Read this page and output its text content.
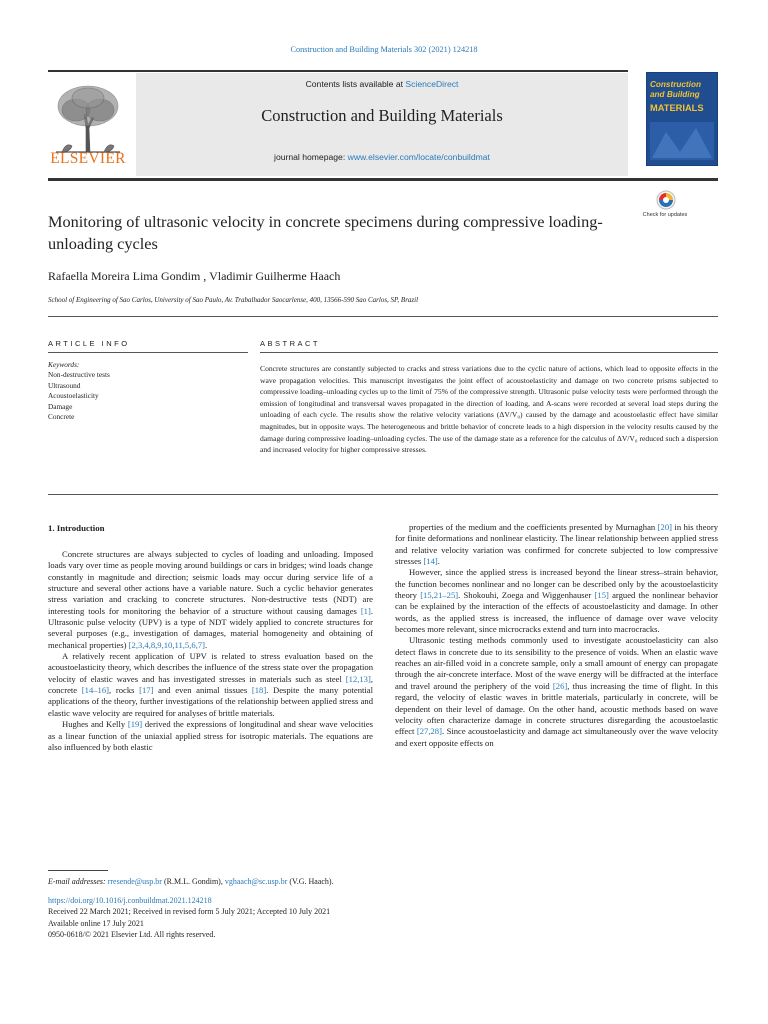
Construction and Building Materials 302 (2021) 124218
ELSEVIER
Contents lists available at ScienceDirect
Construction and Building Materials
journal homepage: www.elsevier.com/locate/conbuildmat
Construction and Building
MATERIALS
Monitoring of ultrasonic velocity in concrete specimens during compressive loading-unloading cycles
Check for updates
Rafaella Moreira Lima Gondim , Vladimir Guilherme Haach
School of Engineering of Sao Carlos, University of Sao Paulo, Av. Trabalhador Saocarlense, 400, 13566-590 Sao Carlos, SP, Brazil
ARTICLE INFO	ABSTRACT
Keywords:
Non-destructive tests
Ultrasound
Acoustoelasticity
Damage
Concrete
Concrete structures are constantly subjected to cracks and stress variations due to the cyclic nature of actions, which lead to opposite effects in the wave propagation velocities. This manuscript investigates the joint effect of acoustoelasticity and damage on two concrete prisms subjected to compressive loading–unloading cycles up to the limit of 75% of the compressive strength. Ultrasonic pulse velocity tests were performed through the emission of longitudinal and transversal waves propagated in the direction of loading, and A-scans were recorded at several load steps during the unloading of each cycle. The results show the relative velocity variations (ΔV/V₀) caused by the damage and acoustoelastic effect have similar magnitudes, but in opposite ways. The heterogeneous and brittle behavior of concrete leads to a high dispersion in the velocity results caused by the damage during compressive loading–unloading cycles. The use of the damage state as a reference for the calculus of ΔV/V₀ reduced such a dispersion and increased velocity for higher compressive stresses.
1. Introduction

Concrete structures are always subjected to cycles of loading and unloading. Imposed loads vary over time as people moving around buildings or cars in bridges; wind loads change constantly in magnitude and direction; seismic loads may occur during service life of a structure and several other actions have a variable nature. Such a cyclic behavior generates stress variation and cracking to concrete structures. Non-destructive tests (NDT) are interesting tools for monitoring the behavior of a structure without causing damages [1]. Ultrasonic pulse velocity (UPV) is a type of NDT widely applied to concrete structures for several purposes (e.g., investigation of damages, material homogeneity and obtaining of mechanical properties) [2,3,4,8,9,10,11,5,6,7].

A relatively recent application of UPV is related to stress evaluation based on the acoustoelasticity theory, which describes the influence of the stress state over the propagation velocity of elastic waves and has investigated stresses in materials such as steel [12,13], concrete [14–16], rocks [17] and even animal tissues [18]. Despite the many potential applications of the theory, further investigations of the relationship between applied stress and elastic wave velocity are required for analyses of brittle materials.

Hughes and Kelly [19] derived the expressions of longitudinal and shear wave velocities as a linear function of the uniaxial applied stress for isotropic materials. The equations are also influenced by both elastic

properties of the medium and the coefficients presented by Murnaghan [20] in his theory for finite deformations and nonlinear elasticity. The linear relationship between applied stress and relative velocity variation was confirmed for concrete subjected to low compressive stresses [14].

However, since the applied stress is increased beyond the linear stress–strain behavior, the function becomes nonlinear and no longer can be described only by the acoustoelasticity theory [15,21–25]. Shokouhi, Zoega and Wiggenhauser [15] argued the nonlinear behavior can be explained by the interaction of the effects of acoustoelasticity and damage. In other words, as the applied stress is increased, the influence of damage over wave velocity becomes more relevant, since microcracks extend and turn into macrocracks.

Ultrasonic testing methods commonly used to investigate acoustoelasticity can also detect flaws in concrete due to its sensibility to the presence of voids. When an elastic wave reaches an air-filled void in a concrete sample, only a small amount of energy can propagate through the air-concrete interface. Most of the wave energy will be diffracted at the interface and travel around the periphery of the void [26], thus increasing the time of flight. In this regard, the velocity of elastic waves in brittle materials, particularly in concrete, will be dependent on their level of damage. On the other hand, acoustic methods based on wave velocity often characterize damage in concrete structures disregarding the acoustoelastic effect [27,28]. Since acoustoelasticity and damage act simultaneously over the wave velocity and exert opposite effects on

E-mail addresses: rresende@usp.br (R.M.L. Gondim), vghaach@sc.usp.br (V.G. Haach).
https://doi.org/10.1016/j.conbuildmat.2021.124218
Received 22 March 2021; Received in revised form 5 July 2021; Accepted 10 July 2021
Available online 17 July 2021
0950-0618/© 2021 Elsevier Ltd. All rights reserved.
